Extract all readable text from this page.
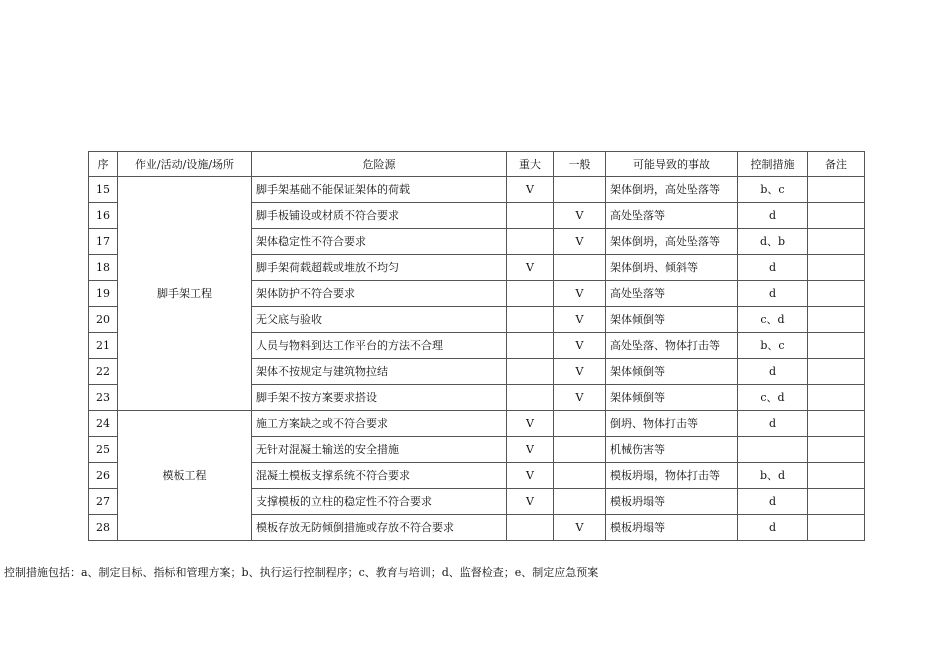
序	作业/活动/设施/场所	危险源	重大	一般	可能导致的事故	控制措施	备注
15	脚手架工程	脚手架基础不能保证架体的荷载	V		架体倒坍，高处坠落等	b、c	
16		脚手板铺设或材质不符合要求		V	高处坠落等	d	
17		架体稳定性不符合要求		V	架体倒坍，高处坠落等	d、b	
18		脚手架荷载超载或堆放不均匀	V		架体倒坍、倾斜等	d	
19		架体防护不符合要求		V	高处坠落等	d	
20		无父底与验收		V	架体倾倒等	c、d	
21		人员与物料到达工作平台的方法不合理		V	高处坠落、物体打击等	b、c	
22		架体不按规定与建筑物拉结		V	架体倾倒等	d	
23		脚手架不按方案要求搭设		V	架体倾倒等	c、d	
24	模板工程	施工方案缺之或不符合要求	V		倒坍、物体打击等	d	
25		无针对混凝土输送的安全措施	V		机械伤害等		
26		混凝土模板支撑系统不符合要求	V		模板坍塌，物体打击等	b、d	
27		支撑模板的立柱的稳定性不符合要求	V		模板坍塌等	d	
28		模板存放无防倾倒措施或存放不符合要求		V	模板坍塌等	d	
控制措施包括：a、制定目标、指标和管理方案；b、执行运行控制程序；c、教育与培训；d、监督检查；e、制定应急预案
